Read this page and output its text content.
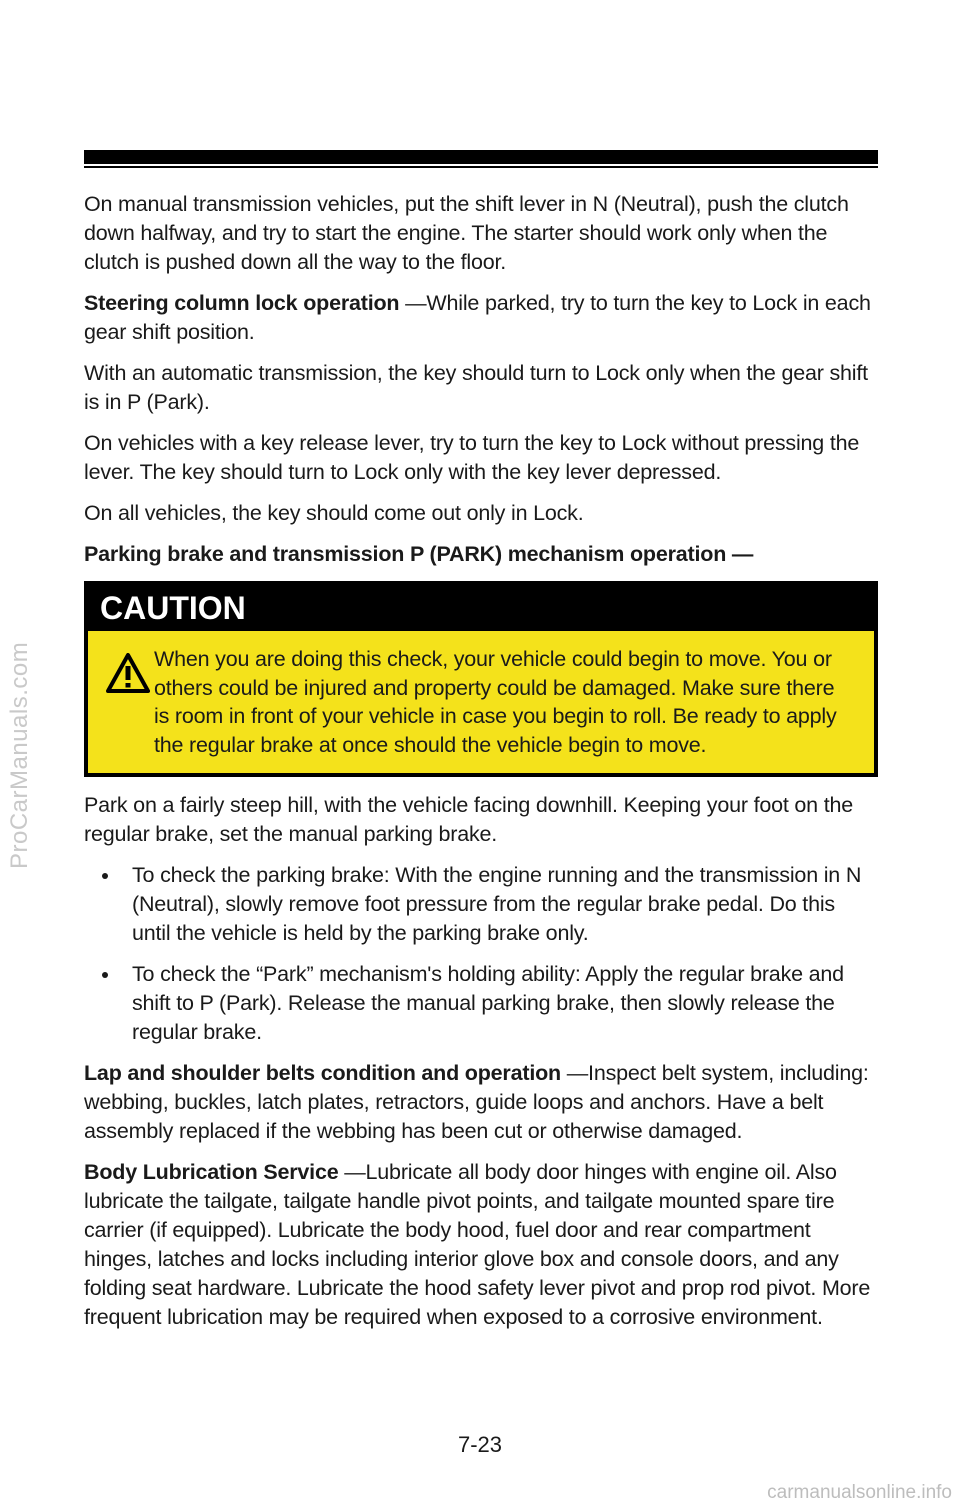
ProCarManuals.com

On manual transmission vehicles, put the shift lever in N (Neutral), push the clutch down halfway, and try to start the engine. The starter should work only when the clutch is pushed down all the way to the floor.

Steering column lock operation —While parked, try to turn the key to Lock in each gear shift position.

With an automatic transmission, the key should turn to Lock only when the gear shift is in P (Park).

On vehicles with a key release lever, try to turn the key to Lock without pressing the lever. The key should turn to Lock only with the key lever depressed.

On all vehicles, the key should come out only in Lock.

Parking brake and transmission P (PARK) mechanism operation —

CAUTION
When you are doing this check, your vehicle could begin to move. You or others could be injured and property could be damaged. Make sure there is room in front of your vehicle in case you begin to roll. Be ready to apply the regular brake at once should the vehicle begin to move.

Park on a fairly steep hill, with the vehicle facing downhill. Keeping your foot on the regular brake, set the manual parking brake.

To check the parking brake: With the engine running and the transmission in N (Neutral), slowly remove foot pressure from the regular brake pedal. Do this until the vehicle is held by the parking brake only.
To check the “Park” mechanism's holding ability: Apply the regular brake and shift to P (Park). Release the manual parking brake, then slowly release the regular brake.

Lap and shoulder belts condition and operation —Inspect belt system, including: webbing, buckles, latch plates, retractors, guide loops and anchors. Have a belt assembly replaced if the webbing has been cut or otherwise damaged.

Body Lubrication Service —Lubricate all body door hinges with engine oil. Also lubricate the tailgate, tailgate handle pivot points, and tailgate mounted spare tire carrier (if equipped). Lubricate the body hood, fuel door and rear compartment hinges, latches and locks including interior glove box and console doors, and any folding seat hardware. Lubricate the hood safety lever pivot and prop rod pivot. More frequent lubrication may be required when exposed to a corrosive environment.

7-23
carmanualsonline.info
